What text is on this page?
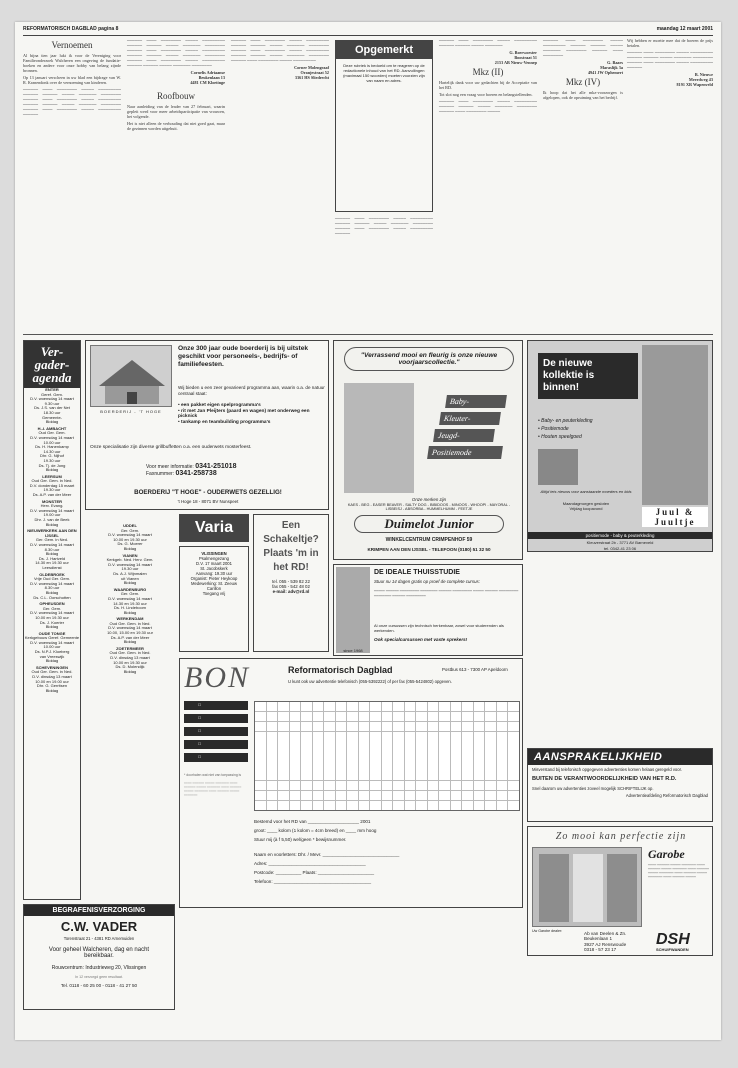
REFORMATORISCH DAGBLAD pagina 8	maandag 12 maart 2001
Vernoemen

Al bijna tien jaar lukt ik voor de Vereniging voor Familieonderzoek Walcheren een ongeving de fundatie-boeken en andere voor onze hobby van belang zijnde bronnen.

Op 13 januari verscheen in uw blad een bijdrage van W. R. Kranendonk over de vernoeming van kinderen.

━━━━━━ ━━━━ ━━━━━━━━ ━━━━━ ━━━━━━━━━ ━━━━━━ ━━━━━━ ━━━━━ ━━━━━━━ ━━━━━━━━ ━━━━━━ ━━━━ ━━━━━━━━ ━━━━━ ━━━━━━━━━ ━━━━━━ ━━━━━━ ━━━━━ ━━━━━━━ ━━━━━━━━ ━━━━━━ ━━━━ ━━━━━━━━ ━━━━━ ━━━━━━━━━ ━━━━━━

━━━━━━ ━━━━ ━━━━━━━━ ━━━━━ ━━━━━━━━━ ━━━━━━ ━━━━━━ ━━━━━ ━━━━━━━ ━━━━━━━━ ━━━━━━ ━━━━ ━━━━━━━━ ━━━━━ ━━━━━━━━━ ━━━━━━ ━━━━━━ ━━━━━ ━━━━━━━ ━━━━━━━━ ━━━━━━ ━━━━ ━━━━━━━━ ━━━━━ ━━━━━━━━━ ━━━━━━ ━━━━━━ ━━━━━ ━━━━━━━ ━━━━━━━━

Cornelis Adriaanse
Beukenlaan 13
4481 CM Kloetinge

Roofbouw

Naar aanleiding van de leader van 27 februari, waarin gepleit werd voor meer arbeidsparticipatie van vrouwen, het volgende.

Het is niet alleen de verhouding dat niet goed gaat, maar de gezinnen worden uitgebuit.

━━━━━━ ━━━━ ━━━━━━━━ ━━━━━ ━━━━━━━━━ ━━━━━━ ━━━━━━ ━━━━━ ━━━━━━━ ━━━━━━━━ ━━━━━━ ━━━━ ━━━━━━━━ ━━━━━ ━━━━━━━━━ ━━━━━━ ━━━━━━ ━━━━━ ━━━━━━━ ━━━━━━━━ ━━━━━━ ━━━━ ━━━━━━━━ ━━━━━ ━━━━━━━━━

Corner Molengraaf
Oranjestraat 52
3361 HS Sliedrecht

Opgemerkt
Deze rubriek is bedoeld om te reageren op de redactionele inhoud van het RD. Aanvullingen (maximaal 150 woorden) moeten voorzien zijn van naam en adres.

━━━━━━ ━━━━ ━━━━━━━━ ━━━━━ ━━━━━━━━━ ━━━━━━ ━━━━━━ ━━━━━ ━━━━━━━ ━━━━━━━━ ━━━━━━ ━━━━ ━━━━━━━━ ━━━━━ ━━━━━━━━━ ━━━━━━

━━━━━━ ━━━━ ━━━━━━━━ ━━━━━ ━━━━━━━━━ ━━━━━━ ━━━━━━ ━━━━━ ━━━━━━━

G. Boerwoester
Boostraat 51
2153 AB Nieuw-Vennep

Mkz (II)

Hartelijk dank voor uw gedachten bij de Acceptatie van het RD.

Tot slot nog een vraag voor boeren en belangstellenden.

━━━━━━ ━━━━ ━━━━━━━━ ━━━━━ ━━━━━━━━━ ━━━━━━ ━━━━━━ ━━━━━ ━━━━━━━ ━━━━━━━━ ━━━━━━ ━━━━ ━━━━━━━━ ━━━━━

━━━━━━ ━━━━ ━━━━━━━━ ━━━━━ ━━━━━━━━━ ━━━━━━ ━━━━━━ ━━━━━ ━━━━━━━ ━━━━━━━━ ━━━━━━ ━━━━ ━━━━━━━━

G. Baars
Maraslijk 3a
4941 JW Ophemert

Mkz (IV)

Ik hoop dat het alle mkz-voorzorgen is afgelopen, ook de opruiming van het bedrijf.

Wij hebben er moeite mee dat de boeren de prijs betalen.

━━━━━━ ━━━━ ━━━━━━━━ ━━━━━ ━━━━━━━━━ ━━━━━━ ━━━━━━ ━━━━━ ━━━━━━━ ━━━━━━━━ ━━━━━━ ━━━━ ━━━━━━━━ ━━━━━ ━━━━━━━━━ ━━━━━━

B. Nieuwe
Meerdweg 43
8191 XR Wapenveld

Ver-
gader-
agenda
ENTER
Geref. Gem.
D.V. woensdag 14 maart
9.30 uur
Ds. J.S. van der Net
18.30 uur
Gemeente-
Biddag
H.-I. AMBACHT
Oud Ger. Gem.
D.V. woensdag 14 maart
10.00 uur
Ds. H. Hanenkamp
14.30 uur
Dhr. G. Nijhof
19.30 uur
Ds. Tj. de Jong
Biddag
LEERSUM
Oud Ger. Gem. in Ned.
D.V. donderdag 15 maart
19.30 uur
Ds. A.P. van der Meer
MONSTER
Herv. Evang.
D.V. woensdag 14 maart
19.00 uur
Dhr. J. van de Beek
Biddag
NIEUWERKERK AAN DEN IJSSEL
Ger. Gem. in Ned.
D.V. woensdag 14 maart
8.30 uur
Biddag
Ds. J. Hartveld
14.30 en 19.30 uur
Leesdienst
OLDEBROEK
Vrije Oud Ger. Gem.
D.V. woensdag 14 maart
8.30 uur
Biddag
Ds. C.L. Oorschotten
OPHEUSDEN
Ger. Gem.
D.V. woensdag 14 maart
10.00 en 19.30 uur
Ds. J. Koerier
Biddag
OUDE TONGE
Kerkgebouw Geref. Gemeente
D.V. woensdag 14 maart
10.00 uur
Ds. N.P.J. Kloeberg
van Vreeswijk
Biddag
SCHEVENINGEN
Oud Ger. Gem. in Ned.
D.V. dinsdag 13 maart
10.00 en 19.00 uur
Dhr. G. Gerritsen
Biddag
UDDEL
Ger. Gem.
D.V. woensdag 14 maart
10.00 en 19.30 uur
Ds. G. Moerer
Biddag
VIANEN
Kerkgeb. Ned. Herv. Gem.
D.V. woensdag 14 maart
19.30 uur
Ds. A.J. Wijnmalen
uit Vianen
Biddag
WAARDENBURG
Ger. Gem.
D.V. woensdag 14 maart
14.30 en 19.30 uur
Ds. H. Lindeboom
Biddag
WERKENDAM
Oud Ger. Gem. in Ned.
D.V. woensdag 14 maart
10.00, 15.00 en 19.30 uur
Ds. A.P. van der Meer
Biddag
ZOETERMEER
Oud Ger. Gem. in Ned.
D.V. dinsdag 13 maart
10.00 en 19.30 uur
Ds. D. Molendijk
Biddag
BOERDERIJ - 'T HOGE
Onze 300 jaar oude boerderij is bij uitstek geschikt voor personeels-, bedrijfs- of familiefeesten.
Wij bieden u een zeer gevarieerd programma aan, waarin o.a. de natuur centraal staat:
• een pakket eigen spelprogramma's
• rit met Jan Pleijters (paard en wagen) met onderweg een picknick
• tankamp en teambuilding programma's
Onze specialisatie zijn diverse grillbuffetten o.a. een ouderwets mosterfeest.
Voor meer informatie: 0341-251018
Faxnummer: 0341-258738
BOERDERIJ "T HOGE" - OUDERWETS GEZELLIG!
't Hoge 18 - 8071 BV Nunspeet
"Verrassend mooi en fleurig is onze nieuwe voorjaarscollectie."
Baby-
Kleuter-
Jeugd-
Positiemode
Onze merken zijn
KAES - BEG - EASER BEAVER - SALTY DOG - BIBIDOOS - MINOOS - WHOOPI - MAYORAL - LISBEISJ - ABSORBA - HUMMELHUMM - FEETJE
Duimelot Junior
WINKELCENTRUM CRIMPENHOF 59
KRIMPEN AAN DEN IJSSEL - TELEFOON (0180) 51 32 50
De nieuwe kollektie is binnen!
• Baby- en peuterkleding
• Positiemode
• Houten speelgoed
Altijd iets nieuws voor aanstaande moeders en kids
Maandagmorgen gesloten
Vrijdag koopavond	Juul &
Juultje
positiemode - baby & peuterkleding
Kleuverstraat 2b - 3771 AV Barneveld
tel. 0342-41 23 06
Varia	Een Schakeltje? Plaats 'm in het RD!
tel. 055 - 539 82 22
fax 055 - 542 48 02
e-mail: adv@rd.nl
VLISSINGEN
Psalmengezang
D.V. 17 maart 2001
St. Jacobskerk
Aanvang: 19.30 uur
Organist: Pieter Heykoop
Medewerking: St. Zeeuw Carillon
Toegang vrij
since 1968
DE IDEALE THUISSTUDIE
Stuur nu 14 dagen gratis op proef de complete cursus:
━━━━━ ━━━━━━ ━━━━━━━━━ ━━━━━━━━ ━━━━━━ ━━━━━━━━━ ━━━━━ ━━━━━━ ━━━━━━━━━ ━━━━━━━━ ━━━━━━ ━━━━━━━━━
Al onze cursussen zijn technisch herkenbaar, zowel voor studerenden als werkenden.
Ook specialcursussen met vaste sprekers!
BON	Reformatorisch Dagblad	Postbus 613 - 7300 AP Apeldoorn
U kunt ook uw advertentie telefonisch (055-5392222) of per fax (055-5424802) opgeven.
☐
☐
☐
☐
☐
* doorhalen wat niet van toepassing is
━━━━ ━━━━━━ ━━━━━ ━━━━━━━ ━━━━ ━━━━━━ ━━━━━ ━━━━━━━ ━━━━ ━━━━━━ ━━━━━ ━━━━━━━ ━━━━ ━━━━━━ ━━━━━ ━━━━━━━
Bestemd voor het RD van ____________________ 2001
groot: ____ kolom (1 kolom = 4cm breed) en ____ mm hoog
Stuur mij (à f 5,50) wel/geen * bewijsnummer.
Naam en voorletters: Dhr. / Mevr. ______________________________
Adres: ______________________________________
Postcode: __________ Plaats: ______________________
Telefoon: ______________________________________
AANSPRAKELIJKHEID
Misverstand bij telefonisch opgegeven advertenties komen helaas geregeld voor.
BUITEN DE VERANTWOORDELIJKHEID VAN HET R.D.
Snel daarom uw advertenties zoveel mogelijk SCHRIFTELIJK op.
Advertentieafdeling Reformatorisch Dagblad
Zo mooi kan perfectie zijn
Garobe
━━━━ ━━━━━━ ━━━━━ ━━━━━━━ ━━━━ ━━━━━━ ━━━━━ ━━━━━━━ ━━━━ ━━━━━━ ━━━━━ ━━━━━━━ ━━━━ ━━━━━━ ━━━━━ ━━━━━━━ ━━━━ ━━━━━━ ━━━━━
Uw Garobe dealer:	Ab van Deelen & Zn.
Beukenlaan 1
3927 AJ Renswoude
0318 - 57 23 17
DSH
SCHUIFWANDEN
BEGRAFENISVERZORGING
C.W. VADER
Torenstraat 21 - 4381 RD Arnemuiden
Voor geheel Walcheren, dag en nacht bereikbaar.
Rouwcentrum: Industrieweg 20, Vlissingen
In 12 verzorgd geen resultaat.
Tel. 0118 - 60 25 00 - 0118 - 41 27 50
